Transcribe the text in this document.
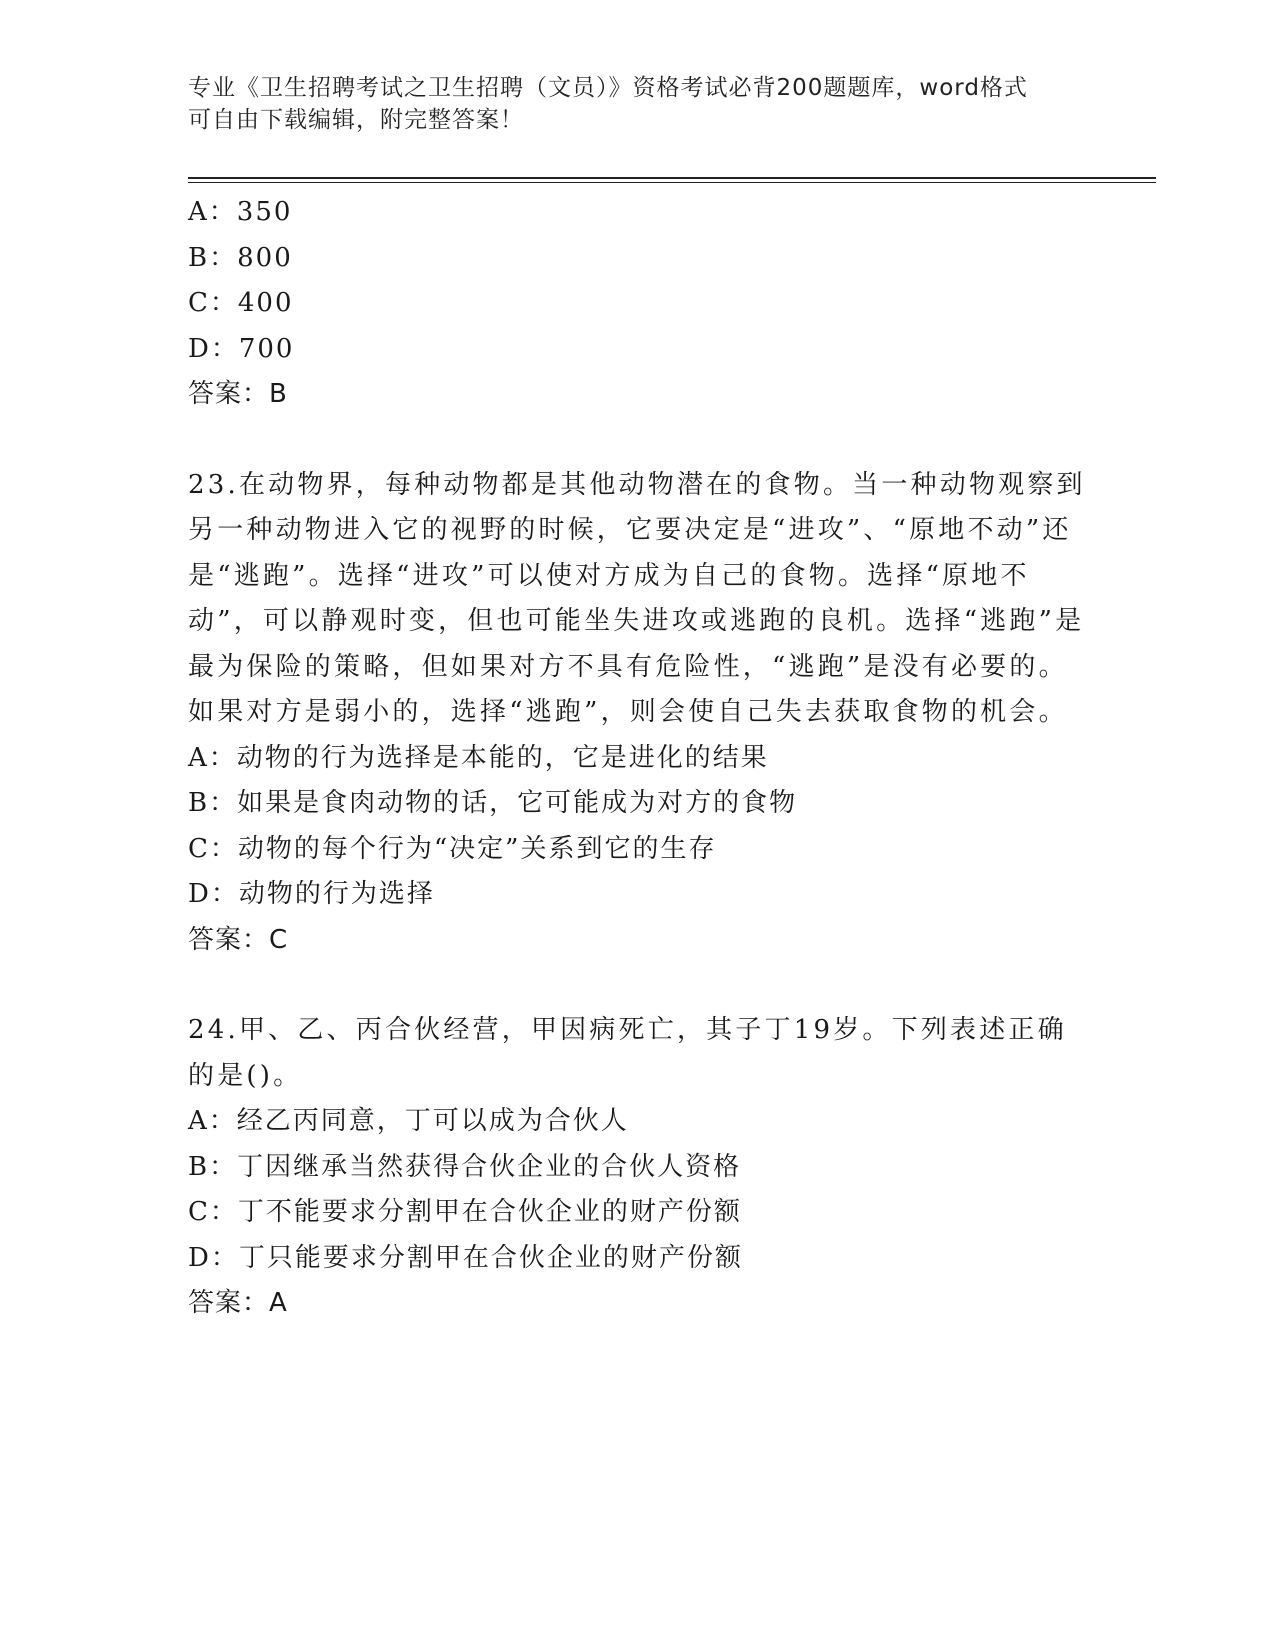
专业《卫生招聘考试之卫生招聘（文员）》资格考试必背200题题库，word格式
可自由下载编辑，附完整答案！
A：350
B：800
C：400
D：700
答案：B
23.在动物界，每种动物都是其他动物潜在的食物。当一种动物观察到另一种动物进入它的视野的时候，它要决定是“进攻”、“原地不动”还是“逃跑”。选择“进攻”可以使对方成为自己的食物。选择“原地不动”，可以静观时变，但也可能坐失进攻或逃跑的良机。选择“逃跑”是最为保险的策略，但如果对方不具有危险性，“逃跑”是没有必要的。如果对方是弱小的，选择“逃跑”，则会使自己失去获取食物的机会。
A：动物的行为选择是本能的，它是进化的结果
B：如果是食肉动物的话，它可能成为对方的食物
C：动物的每个行为“决定”关系到它的生存
D：动物的行为选择
答案：C
24.甲、乙、丙合伙经营，甲因病死亡，其子丁19岁。下列表述正确的是()。
A：经乙丙同意，丁可以成为合伙人
B：丁因继承当然获得合伙企业的合伙人资格
C：丁不能要求分割甲在合伙企业的财产份额
D：丁只能要求分割甲在合伙企业的财产份额
答案：A
